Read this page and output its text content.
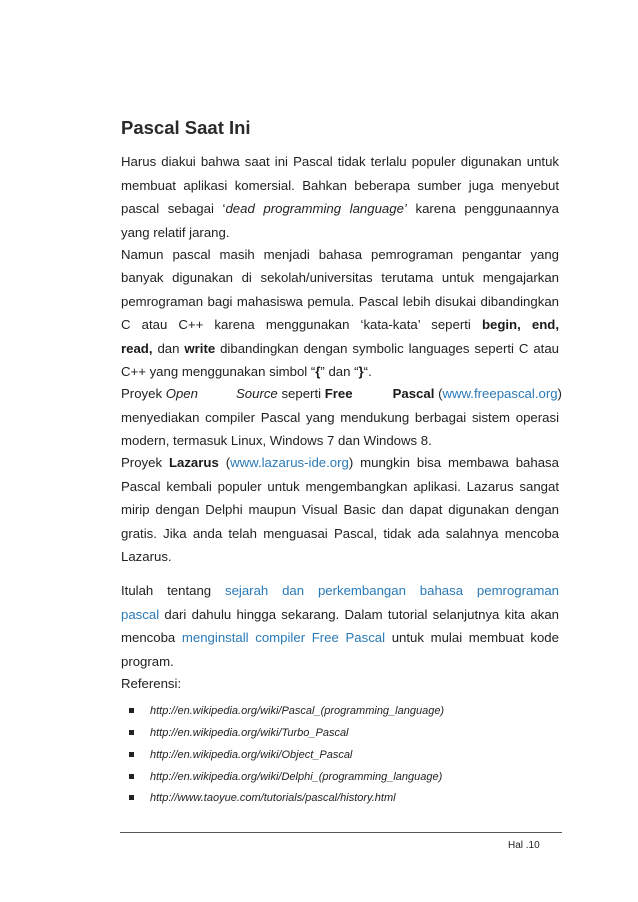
Pascal Saat Ini
Harus diakui bahwa saat ini Pascal tidak terlalu populer digunakan untuk
membuat aplikasi komersial. Bahkan beberapa sumber juga menyebut
pascal sebagai ‘dead programming language’ karena penggunaannya
yang relatif jarang.
Namun pascal masih menjadi bahasa pemrograman pengantar yang
banyak digunakan di sekolah/universitas terutama untuk mengajarkan
pemrograman bagi mahasiswa pemula. Pascal lebih disukai dibandingkan
C atau C++ karena menggunakan ‘kata-kata’ seperti begin, end,
read, dan write dibandingkan dengan symbolic languages seperti C atau
C++ yang menggunakan simbol “{” dan “}“.
Proyek Open	Source seperti Free	Pascal (www.freepascal.org)
menyediakan compiler Pascal yang mendukung berbagai sistem operasi
modern, termasuk Linux, Windows 7 dan Windows 8.
Proyek Lazarus (www.lazarus-ide.org) mungkin bisa membawa bahasa
Pascal kembali populer untuk mengembangkan aplikasi. Lazarus sangat
mirip dengan Delphi maupun Visual Basic dan dapat digunakan dengan
gratis. Jika anda telah menguasai Pascal, tidak ada salahnya mencoba
Lazarus.
Itulah tentang sejarah dan perkembangan bahasa pemrograman
pascal dari dahulu hingga sekarang. Dalam tutorial selanjutnya kita akan
mencoba menginstall compiler Free Pascal untuk mulai membuat kode
program.
Referensi:
http://en.wikipedia.org/wiki/Pascal_(programming_language)
http://en.wikipedia.org/wiki/Turbo_Pascal
http://en.wikipedia.org/wiki/Object_Pascal
http://en.wikipedia.org/wiki/Delphi_(programming_language)
http://www.taoyue.com/tutorials/pascal/history.html
Hal .10
